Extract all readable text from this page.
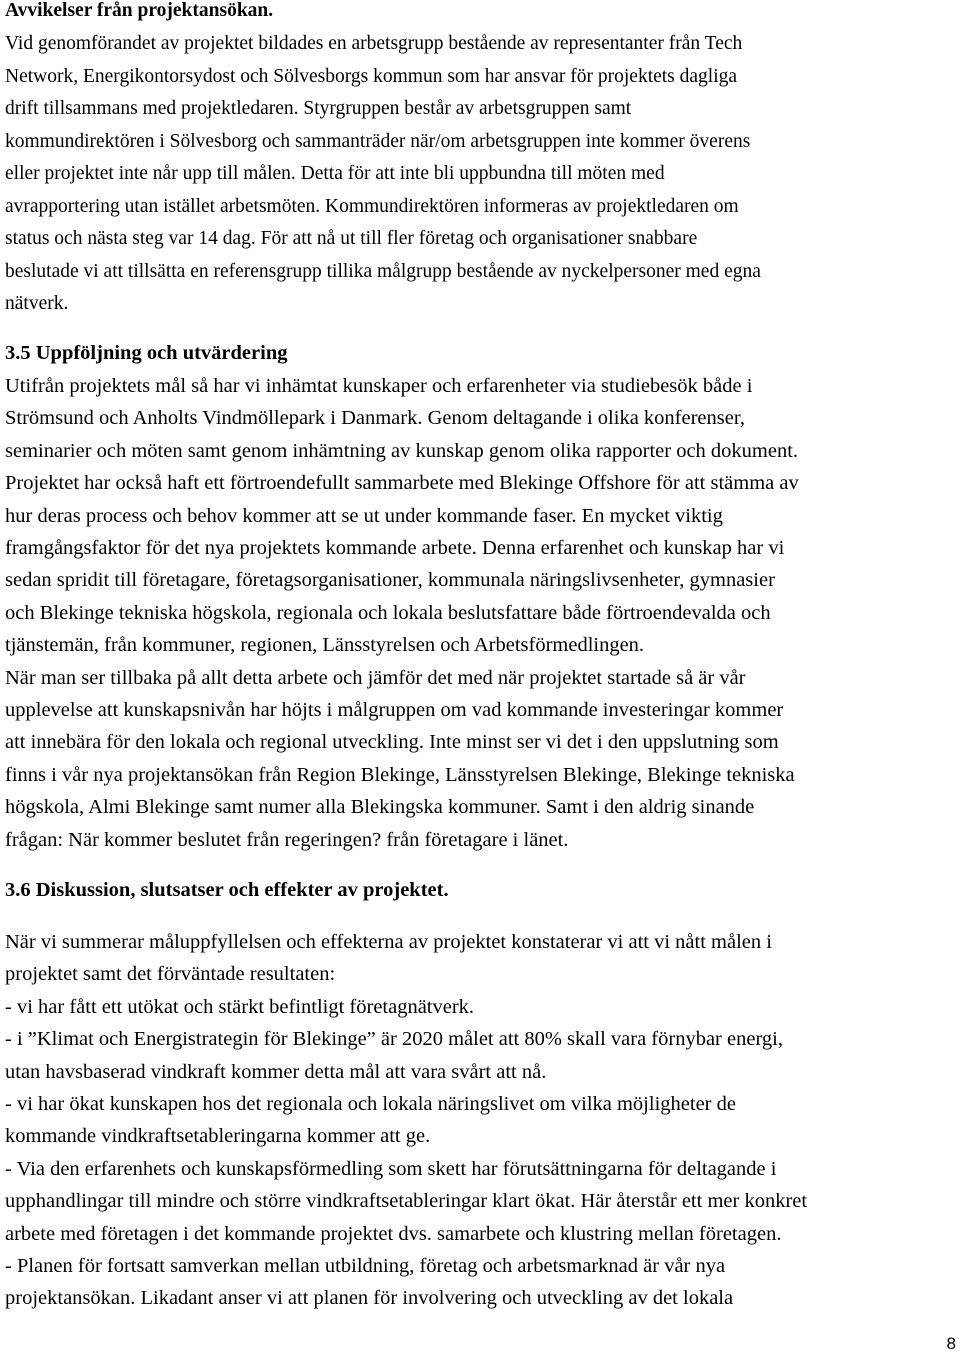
Avvikelser från projektansökan.
Vid genomförandet av projektet bildades en arbetsgrupp bestående av representanter från Tech
Network, Energikontorsydost och Sölvesborgs kommun som har ansvar för projektets dagliga
drift tillsammans med projektledaren. Styrgruppen består av arbetsgruppen samt
kommundirektören i Sölvesborg och sammanträder när/om arbetsgruppen inte kommer överens
eller projektet inte når upp till målen. Detta för att inte bli uppbundna till möten med
avrapportering utan istället arbetsmöten. Kommundirektören informeras av projektledaren om
status och nästa steg var 14 dag. För att nå ut till fler företag och organisationer snabbare
beslutade vi att tillsätta en referensgrupp tillika målgrupp bestående av nyckelpersoner med egna
nätverk.
3.5 Uppföljning och utvärdering
Utifrån projektets mål så har vi inhämtat kunskaper och erfarenheter via studiebesök både i
Strömsund och Anholts Vindmöllepark i Danmark. Genom deltagande i olika konferenser,
seminarier och möten samt genom inhämtning av kunskap genom olika rapporter och dokument.
Projektet har också haft ett förtroendefullt sammarbete med Blekinge Offshore för att stämma av
hur deras process och behov kommer att se ut under kommande faser. En mycket viktig
framgångsfaktor för det nya projektets kommande arbete. Denna erfarenhet och kunskap har vi
sedan spridit till företagare, företagsorganisationer, kommunala näringslivsenheter, gymnasier
och Blekinge tekniska högskola, regionala och lokala beslutsfattare både förtroendevalda och
tjänstemän, från kommuner, regionen, Länsstyrelsen och Arbetsförmedlingen.
När man ser tillbaka på allt detta arbete och jämför det med när projektet startade så är vår
upplevelse att kunskapsnivån har höjts i målgruppen om vad kommande investeringar kommer
att innebära för den lokala och regional utveckling. Inte minst ser vi det i den uppslutning som
finns i vår nya projektansökan från Region Blekinge, Länsstyrelsen Blekinge, Blekinge tekniska
högskola, Almi Blekinge samt numer alla Blekingska kommuner. Samt i den aldrig sinande
frågan: När kommer beslutet från regeringen? från företagare i länet.
3.6 Diskussion, slutsatser och effekter av projektet.
När vi summerar måluppfyllelsen och effekterna av projektet konstaterar vi att vi nått målen i
projektet samt det förväntade resultaten:
- vi har fått ett utökat och stärkt befintligt företagnätverk.
- i ”Klimat och Energistrategin för Blekinge” är 2020 målet att 80% skall vara förnybar energi,
utan havsbaserad vindkraft kommer detta mål att vara svårt att nå.
- vi har ökat kunskapen hos det regionala och lokala näringslivet om vilka möjligheter de
kommande vindkraftsetableringarna kommer att ge.
- Via den erfarenhets och kunskapsförmedling som skett har förutsättningarna för deltagande i
upphandlingar till mindre och större vindkraftsetableringar klart ökat. Här återstår ett mer konkret
arbete med företagen i det kommande projektet dvs. samarbete och klustring mellan företagen.
- Planen för fortsatt samverkan mellan utbildning, företag och arbetsmarknad är vår nya
projektansökan. Likadant anser vi att planen för involvering och utveckling av det lokala
8
